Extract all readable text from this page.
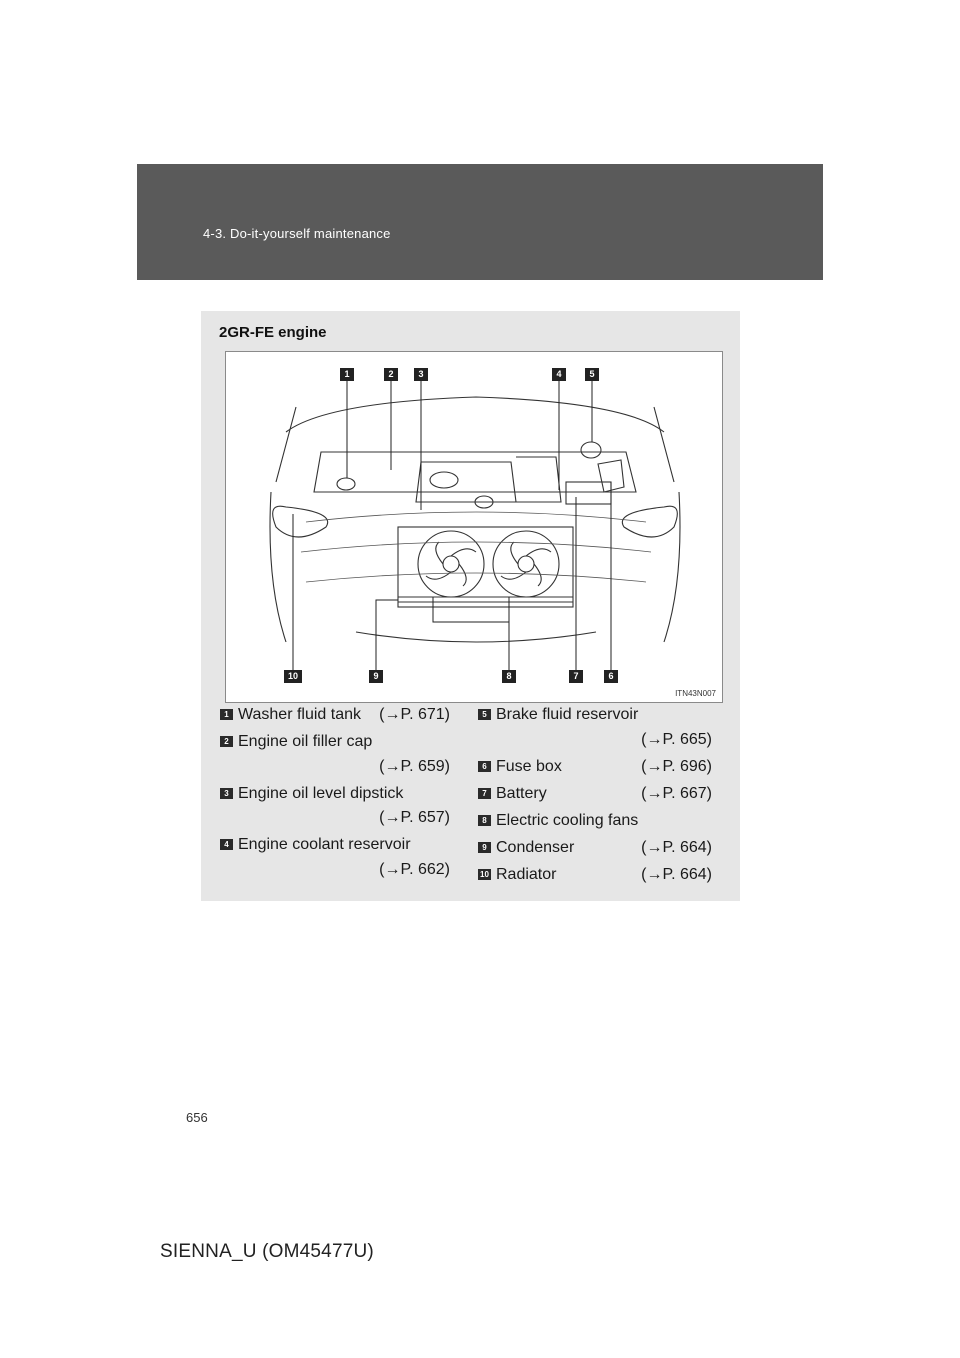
4-3. Do-it-yourself maintenance
2GR-FE engine
1	2	3	4	5
10	9	8	7	6
ITN43N007
1 Washer fluid tank (→P. 671)
2 Engine oil filler cap
(→P. 659)
3 Engine oil level dipstick
(→P. 657)
4 Engine coolant reservoir
(→P. 662)
5 Brake fluid reservoir
(→P. 665)
6 Fuse box	(→P. 696)
7 Battery	(→P. 667)
8 Electric cooling fans
9 Condenser	(→P. 664)
10 Radiator	(→P. 664)
656
SIENNA_U (OM45477U)
